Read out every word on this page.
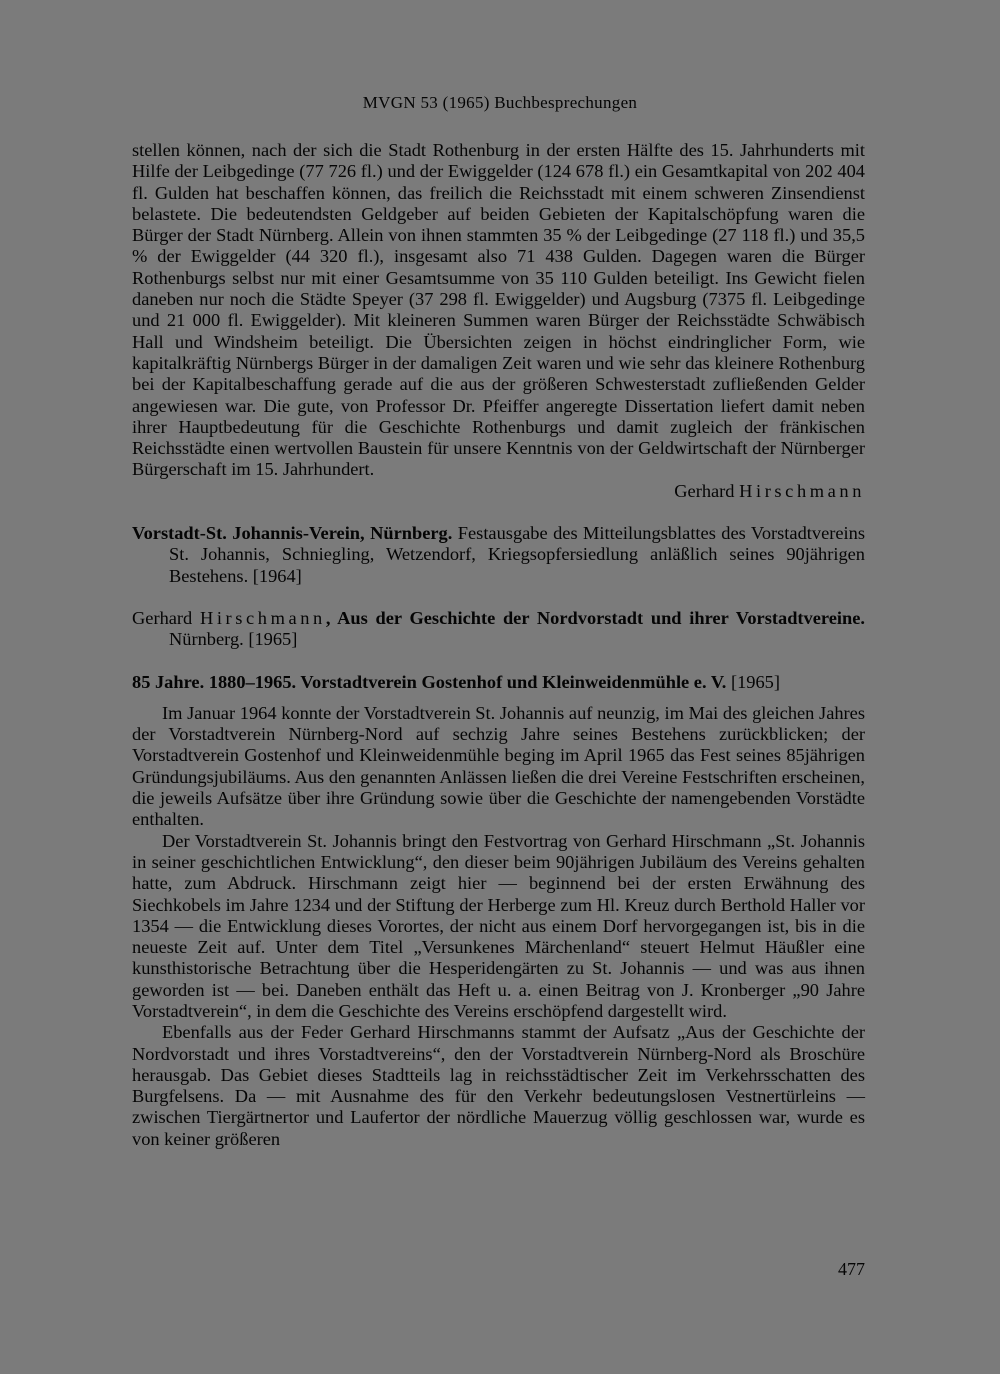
MVGN 53 (1965) Buchbesprechungen

stellen können, nach der sich die Stadt Rothenburg in der ersten Hälfte des 15. Jahrhunderts mit Hilfe der Leibgedinge (77 726 fl.) und der Ewiggelder (124 678 fl.) ein Gesamtkapital von 202 404 fl. Gulden hat beschaffen können, das freilich die Reichsstadt mit einem schweren Zinsendienst belastete. Die bedeutendsten Geldgeber auf beiden Gebieten der Kapitalschöpfung waren die Bürger der Stadt Nürnberg. Allein von ihnen stammten 35 % der Leibgedinge (27 118 fl.) und 35,5 % der Ewiggelder (44 320 fl.), insgesamt also 71 438 Gulden. Dagegen waren die Bürger Rothenburgs selbst nur mit einer Gesamtsumme von 35 110 Gulden beteiligt. Ins Gewicht fielen daneben nur noch die Städte Speyer (37 298 fl. Ewiggelder) und Augsburg (7375 fl. Leibgedinge und 21 000 fl. Ewiggelder). Mit kleineren Summen waren Bürger der Reichsstädte Schwäbisch Hall und Windsheim beteiligt. Die Übersichten zeigen in höchst eindringlicher Form, wie kapitalkräftig Nürnbergs Bürger in der damaligen Zeit waren und wie sehr das kleinere Rothenburg bei der Kapitalbeschaffung gerade auf die aus der größeren Schwesterstadt zufließenden Gelder angewiesen war. Die gute, von Professor Dr. Pfeiffer angeregte Dissertation liefert damit neben ihrer Hauptbedeutung für die Geschichte Rothenburgs und damit zugleich der fränkischen Reichsstädte einen wertvollen Baustein für unsere Kenntnis von der Geldwirtschaft der Nürnberger Bürgerschaft im 15. Jahrhundert.

Gerhard Hirschmann

Vorstadt-St. Johannis-Verein, Nürnberg. Festausgabe des Mitteilungsblattes des Vorstadtvereins St. Johannis, Schniegling, Wetzendorf, Kriegsopfersiedlung anläßlich seines 90jährigen Bestehens. [1964]

Gerhard Hirschmann, Aus der Geschichte der Nordvorstadt und ihrer Vorstadtvereine. Nürnberg. [1965]

85 Jahre. 1880–1965. Vorstadtverein Gostenhof und Kleinweidenmühle e. V. [1965]

Im Januar 1964 konnte der Vorstadtverein St. Johannis auf neunzig, im Mai des gleichen Jahres der Vorstadtverein Nürnberg-Nord auf sechzig Jahre seines Bestehens zurückblicken; der Vorstadtverein Gostenhof und Kleinweidenmühle beging im April 1965 das Fest seines 85jährigen Gründungsjubiläums. Aus den genannten Anlässen ließen die drei Vereine Festschriften erscheinen, die jeweils Aufsätze über ihre Gründung sowie über die Geschichte der namengebenden Vorstädte enthalten.

Der Vorstadtverein St. Johannis bringt den Festvortrag von Gerhard Hirschmann „St. Johannis in seiner geschichtlichen Entwicklung“, den dieser beim 90jährigen Jubiläum des Vereins gehalten hatte, zum Abdruck. Hirschmann zeigt hier — beginnend bei der ersten Erwähnung des Siechkobels im Jahre 1234 und der Stiftung der Herberge zum Hl. Kreuz durch Berthold Haller vor 1354 — die Entwicklung dieses Vorortes, der nicht aus einem Dorf hervorgegangen ist, bis in die neueste Zeit auf. Unter dem Titel „Versunkenes Märchenland“ steuert Helmut Häußler eine kunsthistorische Betrachtung über die Hesperidengärten zu St. Johannis — und was aus ihnen geworden ist — bei. Daneben enthält das Heft u. a. einen Beitrag von J. Kronberger „90 Jahre Vorstadtverein“, in dem die Geschichte des Vereins erschöpfend dargestellt wird.

Ebenfalls aus der Feder Gerhard Hirschmanns stammt der Aufsatz „Aus der Geschichte der Nordvorstadt und ihres Vorstadtvereins“, den der Vorstadtverein Nürnberg-Nord als Broschüre herausgab. Das Gebiet dieses Stadtteils lag in reichsstädtischer Zeit im Verkehrsschatten des Burgfelsens. Da — mit Ausnahme des für den Verkehr bedeutungslosen Vestnertürleins — zwischen Tiergärtnertor und Laufertor der nördliche Mauerzug völlig geschlossen war, wurde es von keiner größeren

477
